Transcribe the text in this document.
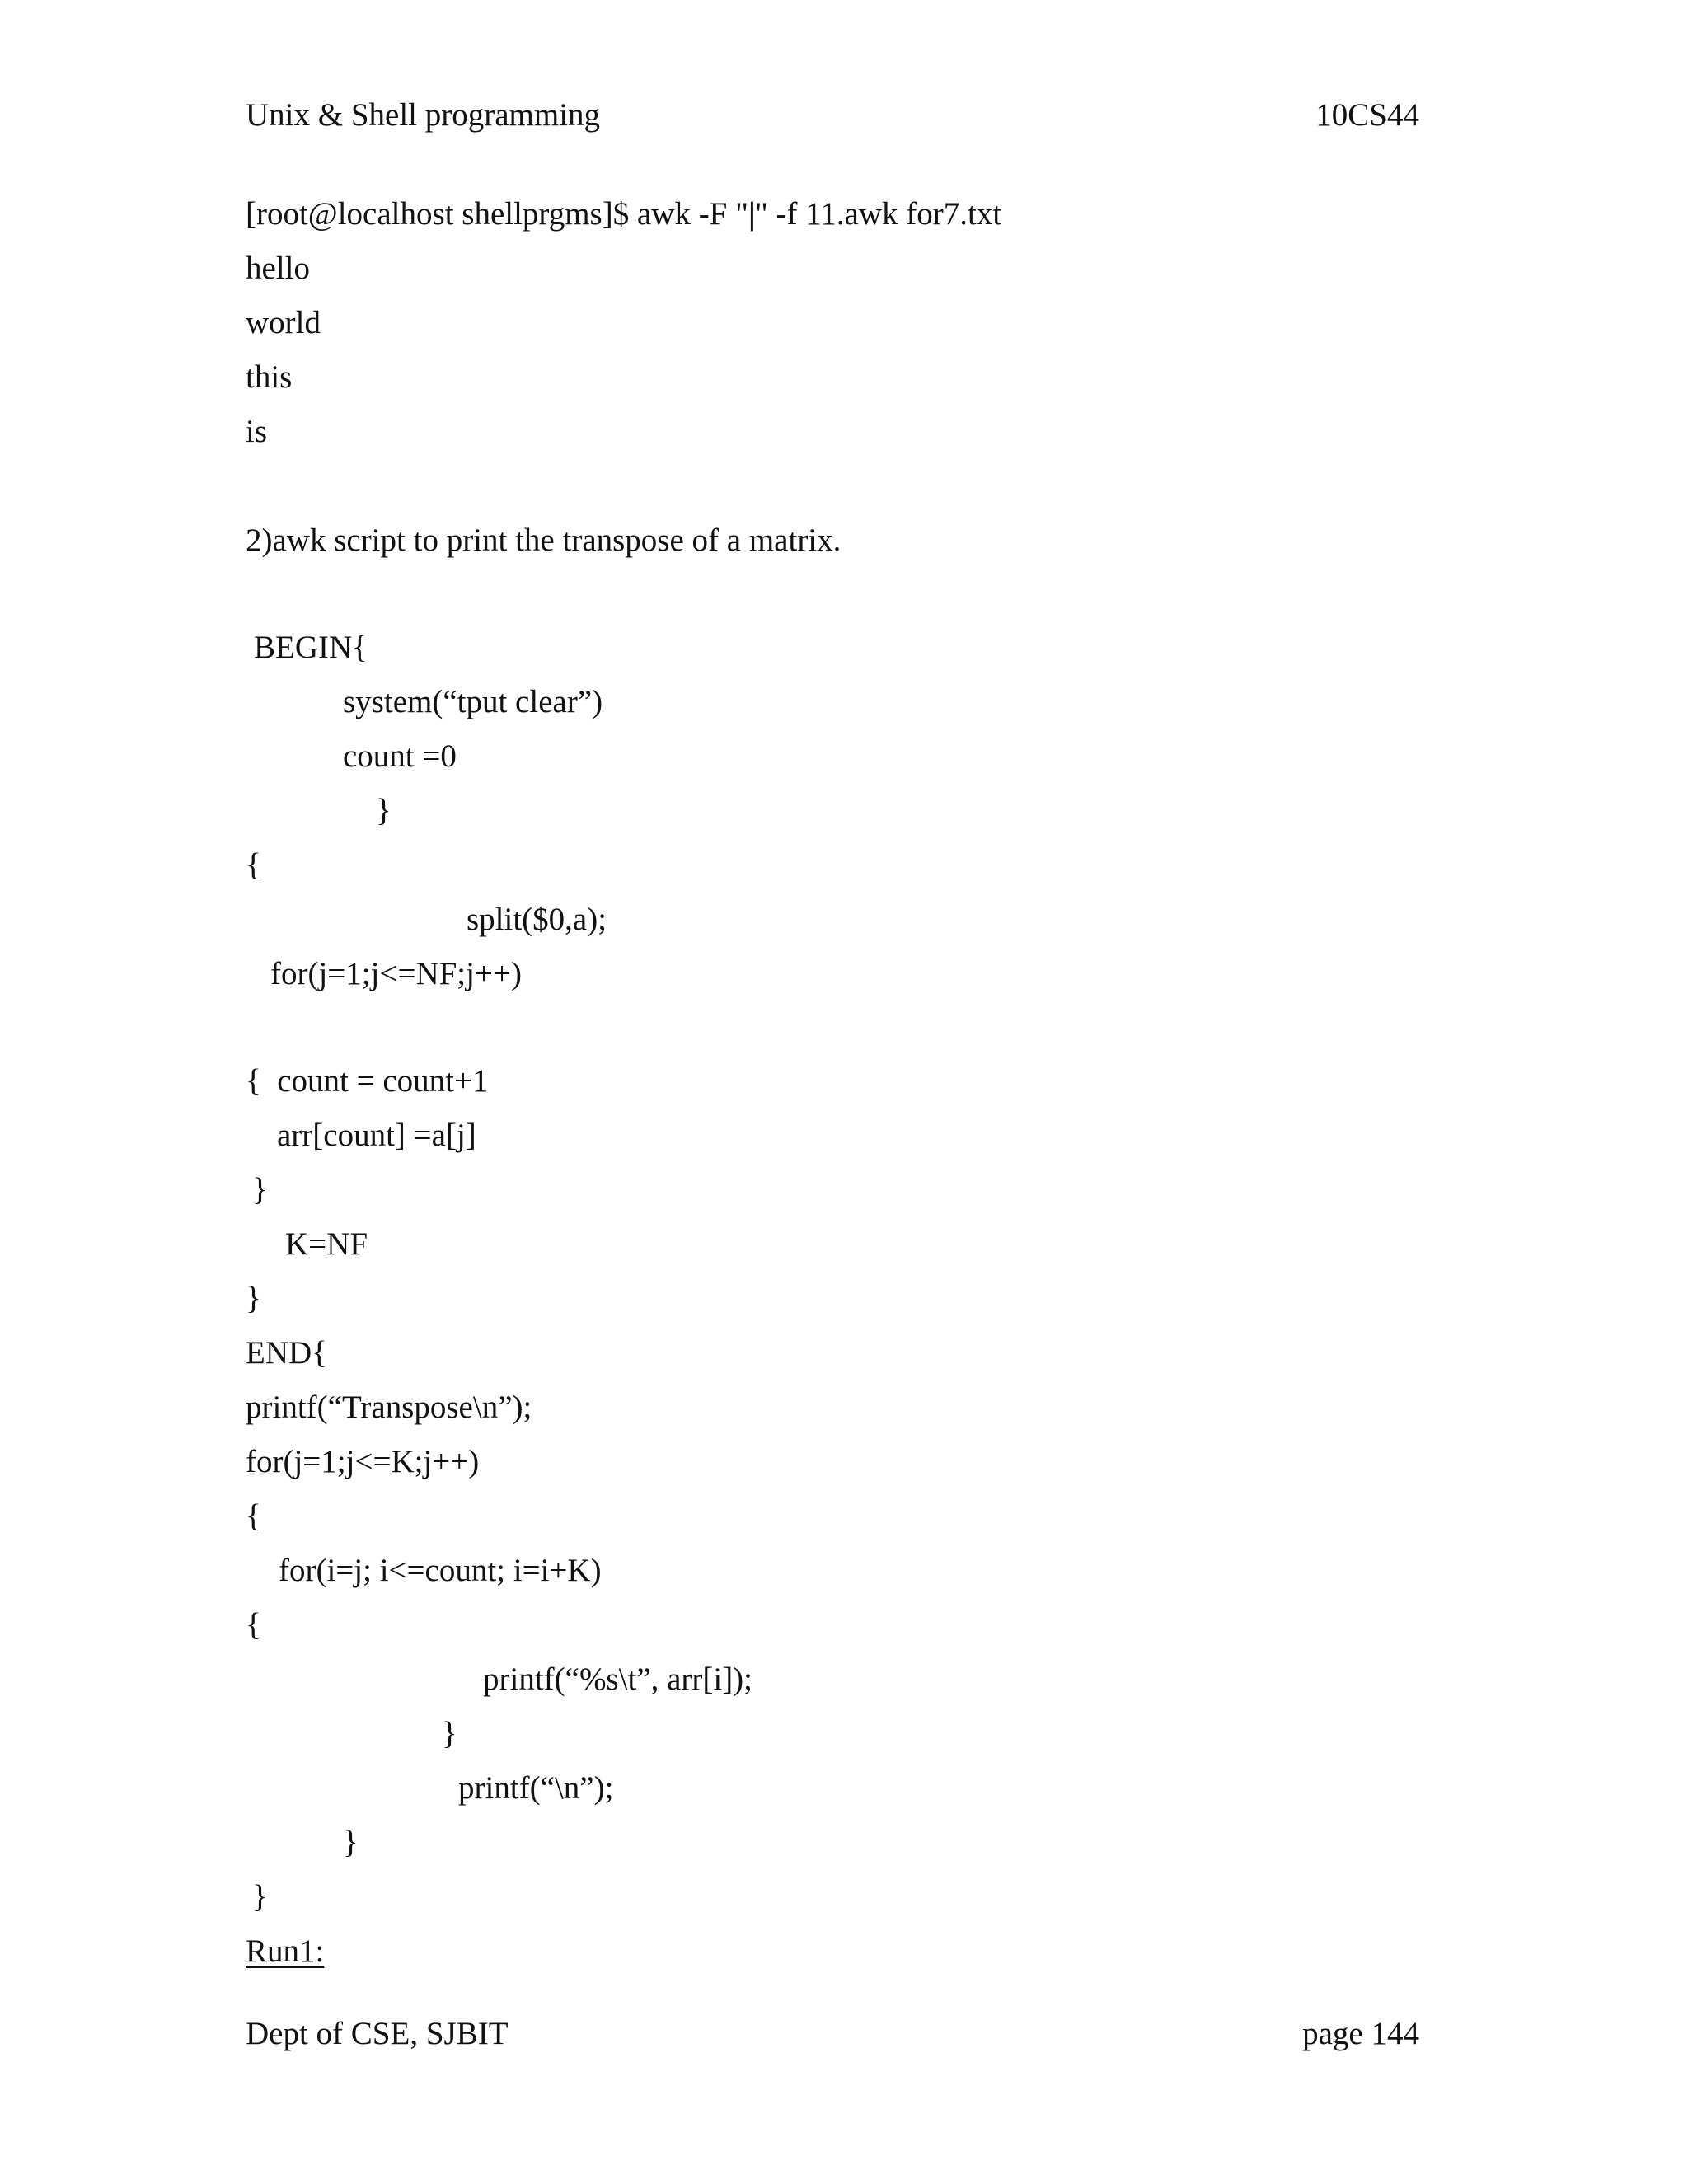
Unix & Shell programming	10CS44
[root@localhost shellprgms]$ awk -F "|" -f 11.awk for7.txt
hello
world
this
is
2)awk script to print the transpose of a matrix.
BEGIN{
system(“tput clear”)
count =0
}
{
split($0,a);
for(j=1;j<=NF;j++)
{  count = count+1
arr[count] =a[j]
}
K=NF
}
END{
printf(“Transpose\n”);
for(j=1;j<=K;j++)
{
for(i=j; i<=count; i=i+K)
{
printf(“%s\t”, arr[i]);
}
printf(“\n”);
}
}
Run1:
Dept of CSE, SJBIT	page 144
